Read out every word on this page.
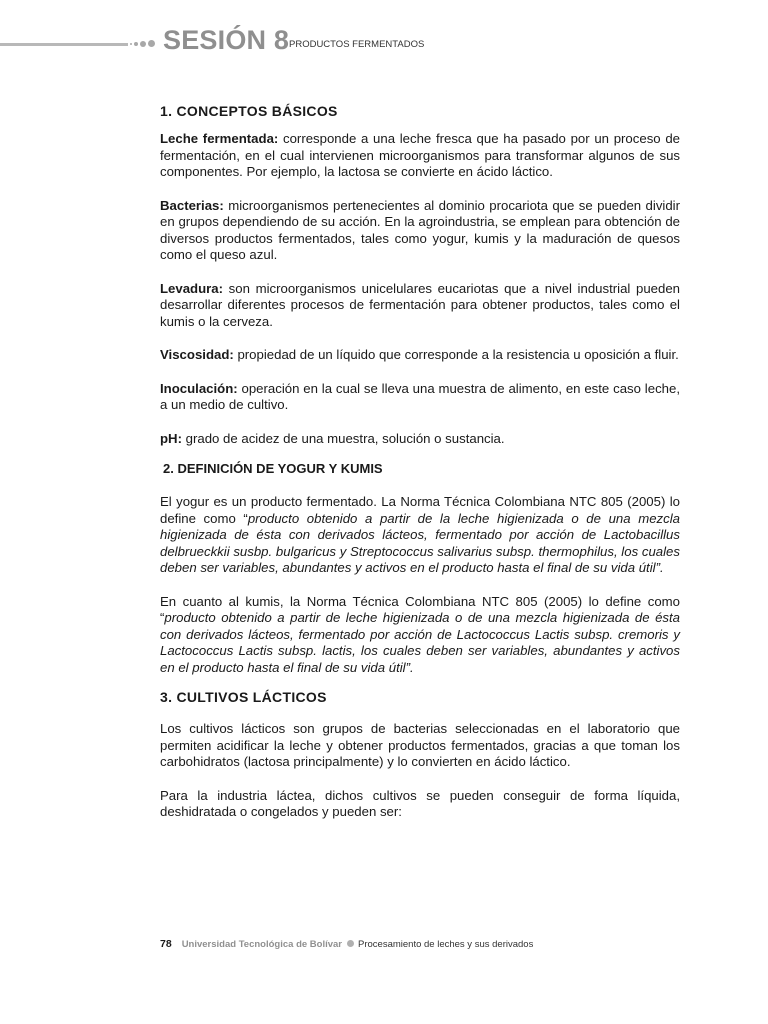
SESIÓN 8 PRODUCTOS FERMENTADOS
1. CONCEPTOS BÁSICOS

Leche fermentada: corresponde a una leche fresca que ha pasado por un proceso de fermentación, en el cual intervienen microorganismos para transformar algunos de sus componentes. Por ejemplo, la lactosa se convierte en ácido láctico.

Bacterias: microorganismos pertenecientes al dominio procariota que se pueden dividir en grupos dependiendo de su acción. En la agroindustria, se emplean para obtención de diversos productos fermentados, tales como yogur, kumis y la maduración de quesos como el queso azul.

Levadura: son microorganismos unicelulares eucariotas que a nivel industrial pueden desarrollar diferentes procesos de fermentación para obtener productos, tales como el kumis o la cerveza.

Viscosidad: propiedad de un líquido que corresponde a la resistencia u oposición a fluir.

Inoculación: operación en la cual se lleva una muestra de alimento, en este caso leche, a un medio de cultivo.

pH: grado de acidez de una muestra, solución o sustancia.

2. DEFINICIÓN DE YOGUR Y KUMIS

El yogur es un producto fermentado. La Norma Técnica Colombiana NTC 805 (2005) lo define como “producto obtenido a partir de la leche higienizada o de una mezcla higienizada de ésta con derivados lácteos, fermentado por acción de Lactobacillus delbrueckkii susbp. bulgaricus y Streptococcus salivarius subsp. thermophilus, los cuales deben ser variables, abundantes y activos en el producto hasta el final de su vida útil”.

En cuanto al kumis, la Norma Técnica Colombiana NTC 805 (2005) lo define como “producto obtenido a partir de leche higienizada o de una mezcla higienizada de ésta con derivados lácteos, fermentado por acción de Lactococcus Lactis subsp. cremoris y Lactococcus Lactis subsp. lactis, los cuales deben ser variables, abundantes y activos en el producto hasta el final de su vida útil”.

3. CULTIVOS LÁCTICOS

Los cultivos lácticos son grupos de bacterias seleccionadas en el laboratorio que permiten acidificar la leche y obtener productos fermentados, gracias a que toman los carbohidratos (lactosa principalmente) y lo convierten en ácido láctico.

Para la industria láctea, dichos cultivos se pueden conseguir de forma líquida, deshidratada o congelados y pueden ser:

78 Universidad Tecnológica de Bolívar Procesamiento de leches y sus derivados
